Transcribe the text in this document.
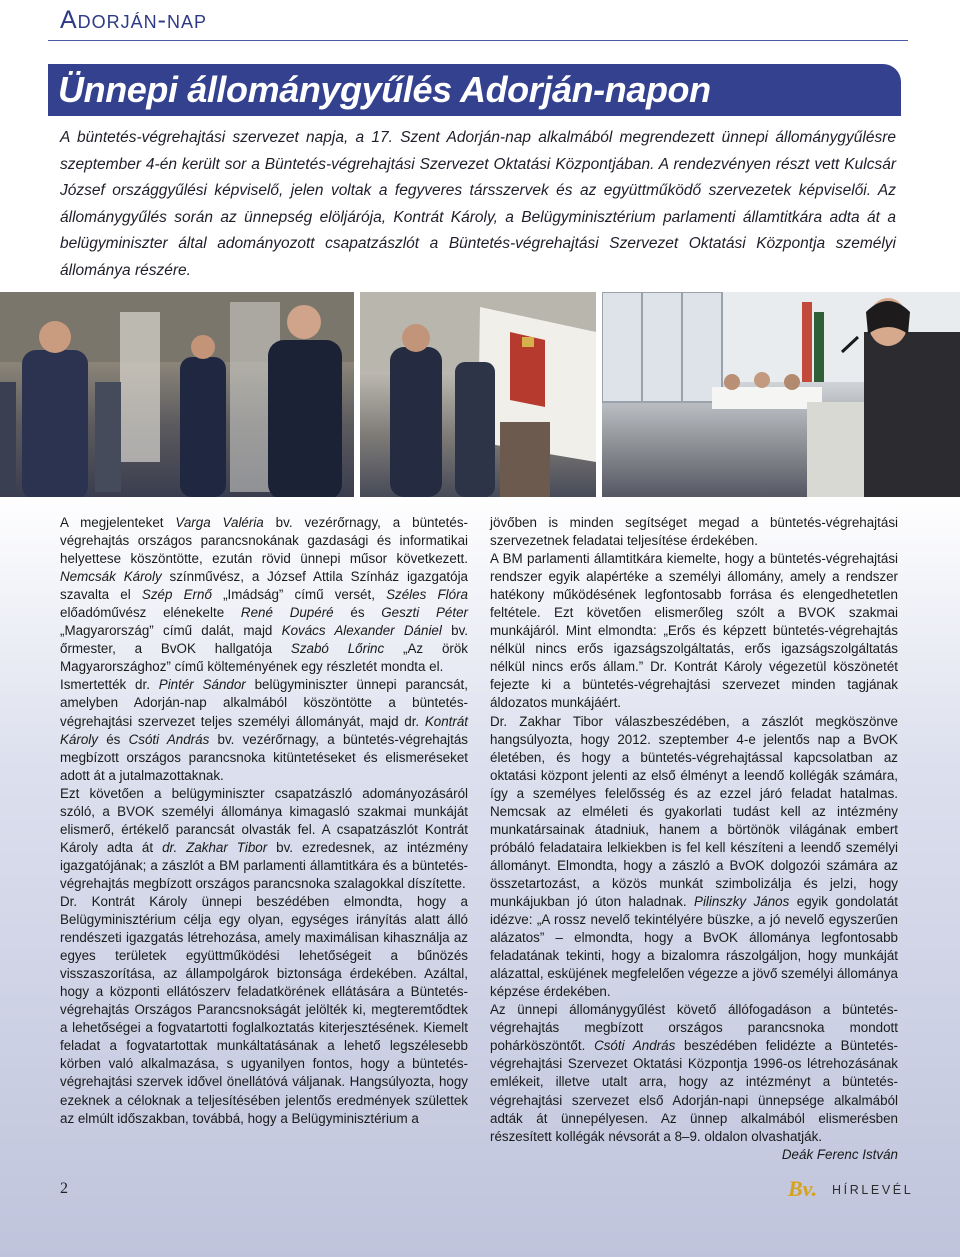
Adorján-nap
Ünnepi állománygyűlés Adorján-napon
A büntetés-végrehajtási szervezet napja, a 17. Szent Adorján-nap alkalmából megrendezett ünnepi állománygyűlésre szeptember 4-én került sor a Büntetés-végrehajtási Szervezet Oktatási Központjában. A rendezvényen részt vett Kulcsár József országgyűlési képviselő, jelen voltak a fegyveres társszervek és az együttműködő szervezetek képviselői. Az állománygyűlés során az ünnepség elöljárója, Kontrát Károly, a Belügyminisztérium parlamenti államtitkára adta át a belügyminiszter által adományozott csapatzászlót a Büntetés-végrehajtási Szervezet Oktatási Központja személyi állománya részére.

A megjelenteket Varga Valéria bv. vezérőrnagy, a büntetés-végrehajtás országos parancsnokának gazdasági és informatikai helyettese köszöntötte, ezután rövid ünnepi műsor következett. Nemcsák Károly színművész, a József Attila Színház igazgatója szavalta el Szép Ernő „Imádság” című versét, Széles Flóra előadóművész elénekelte René Dupéré és Geszti Péter „Magyarország” című dalát, majd Kovács Alexander Dániel bv. őrmester, a BvOK hallgatója Szabó Lőrinc „Az örök Magyarországhoz” című költeményének egy részletét mondta el.

Ismertették dr. Pintér Sándor belügyminiszter ünnepi parancsát, amelyben Adorján-nap alkalmából köszöntötte a büntetés-végrehajtási szervezet teljes személyi állományát, majd dr. Kontrát Károly és Csóti András bv. vezérőrnagy, a büntetés-végrehajtás megbízott országos parancsnoka kitüntetéseket és elismeréseket adott át a jutalmazottaknak.

Ezt követően a belügyminiszter csapatzászló adományozásáról szóló, a BVOK személyi állománya kimagasló szakmai munkáját elismerő, értékelő parancsát olvasták fel. A csapatzászlót Kontrát Károly adta át dr. Zakhar Tibor bv. ezredesnek, az intézmény igazgatójának; a zászlót a BM parlamenti államtitkára és a büntetés-végrehajtás megbízott országos parancsnoka szalagokkal díszítette.

Dr. Kontrát Károly ünnepi beszédében elmondta, hogy a Belügyminisztérium célja egy olyan, egységes irányítás alatt álló rendészeti igazgatás létrehozása, amely maximálisan kihasználja az egyes területek együttműködési lehetőségeit a bűnözés visszaszorítása, az állampolgárok biztonsága érdekében. Azáltal, hogy a központi ellátószerv feladatkörének ellátására a Büntetés-végrehajtás Országos Parancsnokságát jelölték ki, megteremtődtek a lehetőségei a fogvatartotti foglalkoztatás kiterjesztésének. Kiemelt feladat a fogvatartottak munkáltatásának a lehető legszélesebb körben való alkalmazása, s ugyanilyen fontos, hogy a büntetés-végrehajtási szervek idővel önellátóvá váljanak. Hangsúlyozta, hogy ezeknek a céloknak a teljesítésében jelentős eredmények születtek az elmúlt időszakban, továbbá, hogy a Belügyminisztérium a

jövőben is minden segítséget megad a büntetés-végrehajtási szervezetnek feladatai teljesítése érdekében.

A BM parlamenti államtitkára kiemelte, hogy a büntetés-végrehajtási rendszer egyik alapértéke a személyi állomány, amely a rendszer hatékony működésének legfontosabb forrása és elengedhetetlen feltétele. Ezt követően elismerőleg szólt a BVOK szakmai munkájáról. Mint elmondta: „Erős és képzett büntetés-végrehajtás nélkül nincs erős igazságszolgáltatás, erős igazságszolgáltatás nélkül nincs erős állam.” Dr. Kontrát Károly végezetül köszönetét fejezte ki a büntetés-végrehajtási szervezet minden tagjának áldozatos munkájáért.

Dr. Zakhar Tibor válaszbeszédében, a zászlót megköszönve hangsúlyozta, hogy 2012. szeptember 4-e jelentős nap a BvOK életében, és hogy a büntetés-végrehajtással kapcsolatban az oktatási központ jelenti az első élményt a leendő kollégák számára, így a személyes felelősség és az ezzel járó feladat hatalmas. Nemcsak az elméleti és gyakorlati tudást kell az intézmény munkatársainak átadniuk, hanem a börtönök világának embert próbáló feladataira lelkiekben is fel kell készíteni a leendő személyi állományt. Elmondta, hogy a zászló a BvOK dolgozói számára az összetartozást, a közös munkát szimbolizálja és jelzi, hogy munkájukban jó úton haladnak. Pilinszky János egyik gondolatát idézve: „A rossz nevelő tekintélyére büszke, a jó nevelő egyszerűen alázatos” – elmondta, hogy a BvOK állománya legfontosabb feladatának tekinti, hogy a bizalomra rászolgáljon, hogy munkáját alázattal, esküjének megfelelően végezze a jövő személyi állománya képzése érdekében.

Az ünnepi állománygyűlést követő állófogadáson a büntetés-végrehajtás megbízott országos parancsnoka mondott pohárköszöntőt. Csóti András beszédében felidézte a Büntetés-végrehajtási Szervezet Oktatási Központja 1996-os létrehozásának emlékeit, illetve utalt arra, hogy az intézményt a büntetés-végrehajtási szervezet első Adorján-napi ünnepsége alkalmából adták át ünnepélyesen. Az ünnep alkalmából elismerésben részesített kollégák névsorát a 8–9. oldalon olvashatják.

Deák Ferenc István

2	Bv. HÍRLEVÉL
